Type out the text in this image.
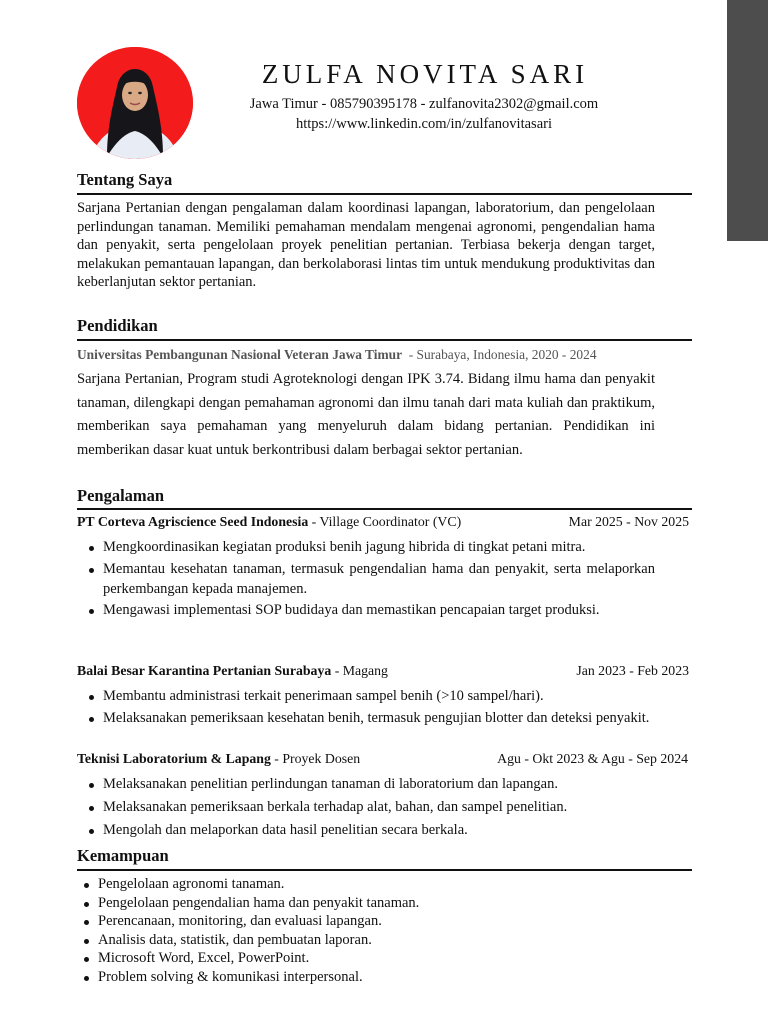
ZULFA NOVITA SARI
Jawa Timur - 085790395178 - zulfanovita2302@gmail.com
https://www.linkedin.com/in/zulfanovitasari
Tentang Saya
Sarjana Pertanian dengan pengalaman dalam koordinasi lapangan, laboratorium, dan pengelolaan perlindungan tanaman. Memiliki pemahaman mendalam mengenai agronomi, pengendalian hama dan penyakit, serta pengelolaan proyek penelitian pertanian. Terbiasa bekerja dengan target, melakukan pemantauan lapangan, dan berkolaborasi lintas tim untuk mendukung produktivitas dan keberlanjutan sektor pertanian.
Pendidikan
Universitas Pembangunan Nasional Veteran Jawa Timur - Surabaya, Indonesia, 2020 - 2024
Sarjana Pertanian, Program studi Agroteknologi dengan IPK 3.74. Bidang ilmu hama dan penyakit tanaman, dilengkapi dengan pemahaman agronomi dan ilmu tanah dari mata kuliah dan praktikum, memberikan saya pemahaman yang menyeluruh dalam bidang pertanian. Pendidikan ini memberikan dasar kuat untuk berkontribusi dalam berbagai sektor pertanian.
Pengalaman
PT Corteva Agriscience Seed Indonesia - Village Coordinator (VC)	Mar 2025 - Nov 2025
Mengkoordinasikan kegiatan produksi benih jagung hibrida di tingkat petani mitra.
Memantau kesehatan tanaman, termasuk pengendalian hama dan penyakit, serta melaporkan perkembangan kepada manajemen.
Mengawasi implementasi SOP budidaya dan memastikan pencapaian target produksi.
Balai Besar Karantina Pertanian Surabaya - Magang	Jan 2023 - Feb 2023
Membantu administrasi terkait penerimaan sampel benih (>10 sampel/hari).
Melaksanakan pemeriksaan kesehatan benih, termasuk pengujian blotter dan deteksi penyakit.
Teknisi Laboratorium & Lapang - Proyek Dosen	Agu - Okt 2023 & Agu - Sep 2024
Melaksanakan penelitian perlindungan tanaman di laboratorium dan lapangan.
Melaksanakan pemeriksaan berkala terhadap alat, bahan, dan sampel penelitian.
Mengolah dan melaporkan data hasil penelitian secara berkala.
Kemampuan
Pengelolaan agronomi tanaman.
Pengelolaan pengendalian hama dan penyakit tanaman.
Perencanaan, monitoring, dan evaluasi lapangan.
Analisis data, statistik, dan pembuatan laporan.
Microsoft Word, Excel, PowerPoint.
Problem solving & komunikasi interpersonal.
